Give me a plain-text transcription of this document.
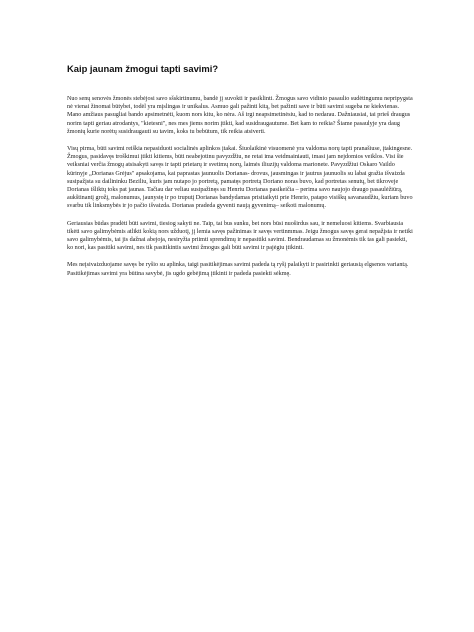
Kaip jaunam žmogui tapti savimi?

Nuo senų senovės žmonės stebėjosi savo sšskirtinumu, bandė jį suvokti ir pasiklinti. Žmogus savo vidinio pasaulio sudėtingumu nepripygsta nė vienai žinomai būtybei, todėl yra mįslingas ir unikalus. Asmuo gali pažinti kitą, bet pažinti save ir būti savimi sugeba ne kiekvienas. Mano amžiaus pasugliai bando apsimetnėti, kuom nors kitu, ko nėra. Aš irgi neapsimetinėsiu, kad to nedarau. Dažniausiai, tai prieš draugus norim tapti geriau atrodantys, "kietesni", nes mes jiems norim įtikti, kad susidraugautume. Bet kam to reikia? Šiame pasaulyje yra daug žmonių kurie norėtų susidraugauti su tavim, koks tu bebūtum, tik reikia atsiverti.

Visų pirma, būti savimi reiškia nepasiduoti socialinės aplinkos įtakai. Šiuolaikinė visuomenė yra valdoma norų tapti pranašiuse, įtakingesne. Žmogus, pasidavęs troškimui įtikti kitiems, būti neabejotinu pavyzdžiu, ne retai ima veidmainiauti, imasi jam nejdomios veiklos. Visi šie veiksniai verčia žmogų atsisakyti savęs ir tapti prietarų ir svetimų norų, laimės iliuzijų valdoma marionete. Pavyzdžiui Oskaro Vaildo kūrinyje „Dorianas Grėjus" apsakojama, kai paprastas jaunuolis Dorianas- drovus, jausmingas ir jautrus jaunuolis su labai gražia išvaizda susipažįsta su dailininku Beziliu, kuris jam nutapo jo portretą, pamatęs portretą Doriano noras buvo, kad portretas senutų, bet tikroveje Dorianas išliktų toks pat jaunas. Tačiau dar veliau susipažinęs su Henriu Dorianas pasikeičia – perima savo naujojo draugo pasaulėžiūrą, aukštinantį grožį, malonumus, jaunystę ir po truputį Dorianas bandydamas prisitaikyti prie Henrio, patapo visiškų savanaudžiu, kuriam buvo svarbu tik linksmybės ir jo pačio išvaizda. Dorianas pradeda gyventi naują gyvenimą– seikoti malonumų.

Geriausias būdas pradėti būti savimi, tiesiog sakyti ne. Taip, tai bus sunku, bet nors būsi nuoširdus sau, ir nemeluosi kitiems. Svarbiausia tikėti savo galimybėmis atlikti kokią nors užduotį, jį lemia savęs pažinimas ir savęs vertinmmas. Jeigu žmogus savęs gerai nepažįsta ir netiki savo galimybėmis, tai jis dažnai abejoja, nesiryžta priimti sprendimų ir nepasitiki savimi. Bendraudamas su žmonėmis tik tas gali pasiekti, ko nori, kas pasitiki savimi, nes tik pasitikintis savimi žmogus gali būti savimi ir pajėgiu įtikinti.

Mes neįsivaizduojame savęs be ryšio su aplinka, taigi pasitikėjimas savimi padeda tą ryšį palaikyti ir pasirinkti geriausią elgsenos variantą. Pasitikėjimas savimi yra būtina savybė, jis ugdo gebėjimą įtikinti ir padeda pasiekti sėkmę.
